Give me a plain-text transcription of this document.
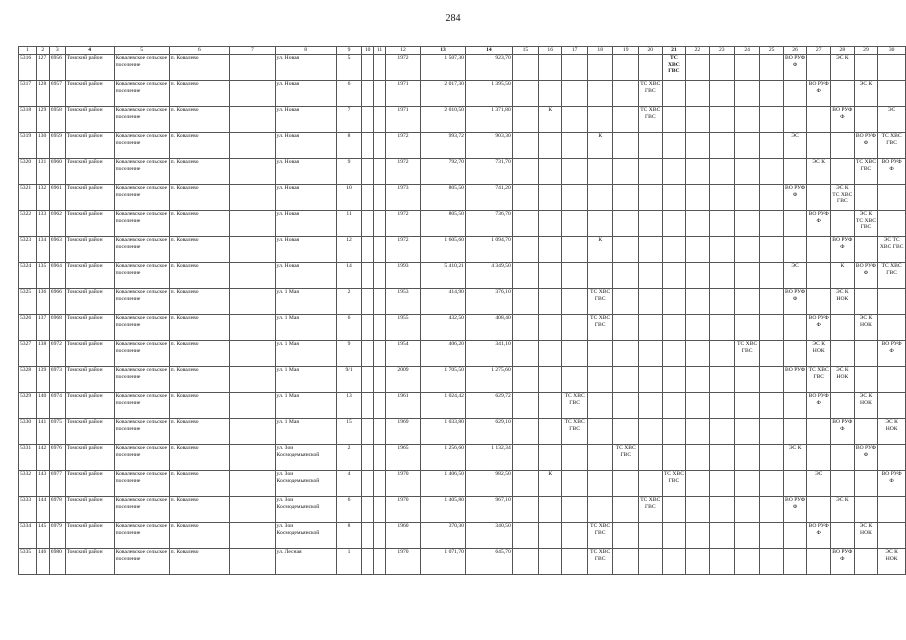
284
1	2	3	4	5	6	7	8	9	10	11	12	13	14	15	16	17	18	19	20	21	22	23	24	25	26	27	28	29	30
5316	127	6956	Томский район	Ковалевское сельское поселение	п. Ковалево		ул. Новая	5			1972	1 507,30	923,70							ТС ХВС ГВС					ВО РУФ Ф		ЭС К		
5317	128	6957	Томский район	Ковалевское сельское поселение	п. Ковалево		ул. Новая	6			1971	2 017,30	1 395,50						ТС ХВС ГВС							ВО РУФ Ф		ЭС К	
5318	129	6958	Томский район	Ковалевское сельское поселение	п. Ковалево		ул. Новая	7			1971	2 010,50	1 371,80		К				ТС ХВС ГВС								ВО РУФ Ф		ЭС
5319	130	6959	Томский район	Ковалевское сельское поселение	п. Ковалево		ул. Новая	8			1972	993,72	903,30				К								ЭС			ВО РУФ Ф	ТС ХВС ГВС
5320	131	6960	Томский район	Ковалевское сельское поселение	п. Ковалево		ул. Новая	9			1972	792,70	731,70													ЭС К		ТС ХВС ГВС	ВО РУФ Ф
5321	132	6961	Томский район	Ковалевское сельское поселение	п. Ковалево		ул. Новая	10			1973	805,50	741,20												ВО РУФ Ф		ЭС К ТС ХВС ГВС		
5322	133	6962	Томский район	Ковалевское сельское поселение	п. Ковалево		ул. Новая	11			1972	805,50	736,70													ВО РУФ Ф		ЭС К ТС ХВС ГВС	
5323	134	6963	Томский район	Ковалевское сельское поселение	п. Ковалево		ул. Новая	12			1972	1 605,60	1 094,70				К										ВО РУФ Ф		ЭС ТС ХВС ГВС
5324	135	6964	Томский район	Ковалевское сельское поселение	п. Ковалево		ул. Новая	14			1993	5 410,21	4 349,50												ЭС		К	ВО РУФ Ф	ТС ХВС ГВС
5325	136	6966	Томский район	Ковалевское сельское поселение	п. Ковалево		ул. 1 Мая	2			1953	414,90	376,10				ТС ХВС ГВС								ВО РУФ Ф		ЭС К НОК		
5326	137	6968	Томский район	Ковалевское сельское поселение	п. Ковалево		ул. 1 Мая	6			1955	432,50	408,40				ТС ХВС ГВС									ВО РУФ Ф		ЭС К НОК	
5327	138	6972	Томский район	Ковалевское сельское поселение	п. Ковалево		ул. 1 Мая	9			1954	406,20	341,10										ТС ХВС ГВС			ЭС К НОК			ВО РУФ Ф
5328	139	6973	Томский район	Ковалевское сельское поселение	п. Ковалево		ул. 1 Мая	9/1			2009	1 705,50	1 275,60												ВО РУФ	ТС ХВС ГВС	ЭС К НОК		
5329	140	6974	Томский район	Ковалевское сельское поселение	п. Ковалево		ул. 1 Мая	13			1961	1 024,42	629,72			ТС ХВС ГВС										ВО РУФ Ф		ЭС К НОК	
5330	141	6975	Томский район	Ковалевское сельское поселение	п. Ковалево		ул. 1 Мая	15			1969	1 033,80	629,10			ТС ХВС ГВС											ВО РУФ Ф		ЭС К НОК
5331	142	6976	Томский район	Ковалевское сельское поселение	п. Ковалево		ул. Зои Космодемьянской	2			1965	1 256,60	1 132,34					ТС ХВС ГВС							ЭС К			ВО РУФ Ф	
5332	143	6977	Томский район	Ковалевское сельское поселение	п. Ковалево		ул. Зои Космодемьянской	4			1970	1 406,50	982,50		К					ТС ХВС ГВС						ЭС			ВО РУФ Ф
5333	144	6978	Томский район	Ковалевское сельское поселение	п. Ковалево		ул. Зои Космодемьянской	6			1970	1 405,80	967,10						ТС ХВС ГВС						ВО РУФ Ф		ЭС К		
5334	145	6979	Томский район	Ковалевское сельское поселение	п. Ковалево		ул. Зои Космодемьянской	8			1960	370,30	340,50				ТС ХВС ГВС									ВО РУФ Ф		ЭС К НОК	
5335	146	6980	Томский район	Ковалевское сельское поселение	п. Ковалево		ул. Лесная	1			1970	1 071,70	645,70				ТС ХВС ГВС										ВО РУФ Ф		ЭС К НОК
